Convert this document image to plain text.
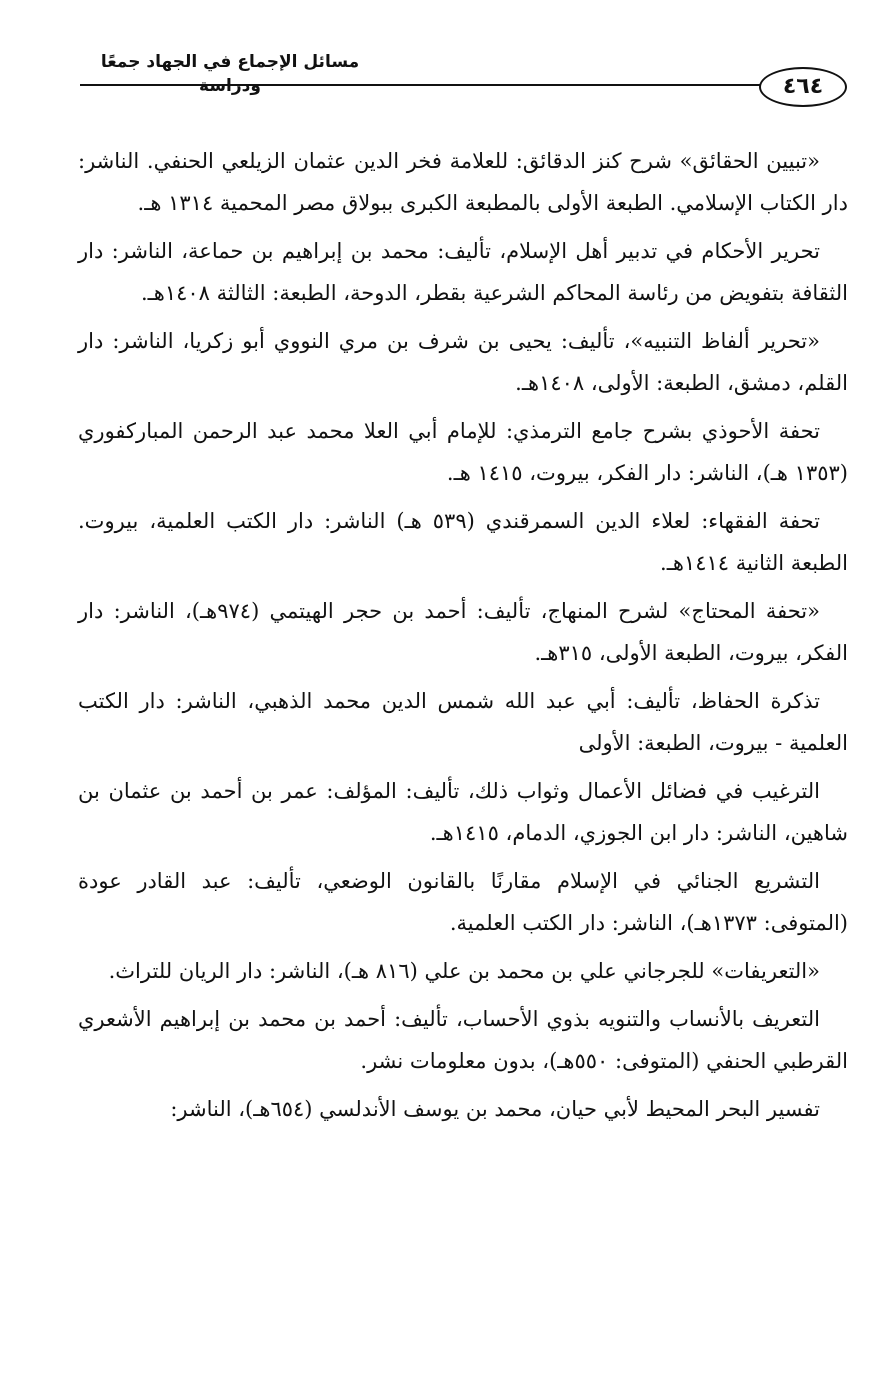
مسائل الإجماع في الجهاد جمعًا ودراسة	٤٦٤

«تبيين الحقائق» شرح كنز الدقائق: للعلامة فخر الدين عثمان الزيلعي الحنفي. الناشر: دار الكتاب الإسلامي. الطبعة الأولى بالمطبعة الكبرى ببولاق مصر المحمية ١٣١٤ هـ.

تحرير الأحكام في تدبير أهل الإسلام، تأليف: محمد بن إبراهيم بن حماعة، الناشر: دار الثقافة بتفويض من رئاسة المحاكم الشرعية بقطر، الدوحة، الطبعة: الثالثة ١٤٠٨هـ.

«تحرير ألفاظ التنبيه»، تأليف: يحيى بن شرف بن مري النووي أبو زكريا، الناشر: دار القلم، دمشق، الطبعة: الأولى، ١٤٠٨هـ.

تحفة الأحوذي بشرح جامع الترمذي: للإمام أبي العلا محمد عبد الرحمن المباركفوري (١٣٥٣ هـ)، الناشر: دار الفكر، بيروت، ١٤١٥ هـ.

تحفة الفقهاء: لعلاء الدين السمرقندي (٥٣٩ هـ) الناشر: دار الكتب العلمية، بيروت. الطبعة الثانية ١٤١٤هـ.

«تحفة المحتاج» لشرح المنهاج، تأليف: أحمد بن حجر الهيتمي (٩٧٤هـ)، الناشر: دار الفكر، بيروت، الطبعة الأولى، ٣١٥هـ.

تذكرة الحفاظ، تأليف: أبي عبد الله شمس الدين محمد الذهبي، الناشر: دار الكتب العلمية - بيروت، الطبعة: الأولى

الترغيب في فضائل الأعمال وثواب ذلك، تأليف: المؤلف: عمر بن أحمد بن عثمان بن شاهين، الناشر: دار ابن الجوزي، الدمام، ١٤١٥هـ.

التشريع الجنائي في الإسلام مقارنًا بالقانون الوضعي، تأليف: عبد القادر عودة (المتوفى: ١٣٧٣هـ)، الناشر: دار الكتب العلمية.

«التعريفات» للجرجاني علي بن محمد بن علي (٨١٦ هـ)، الناشر: دار الريان للتراث.

التعريف بالأنساب والتنويه بذوي الأحساب، تأليف: أحمد بن محمد بن إبراهيم الأشعري القرطبي الحنفي (المتوفى: ٥٥٠هـ)، بدون معلومات نشر.

تفسير البحر المحيط لأبي حيان، محمد بن يوسف الأندلسي (٦٥٤هـ)، الناشر:
